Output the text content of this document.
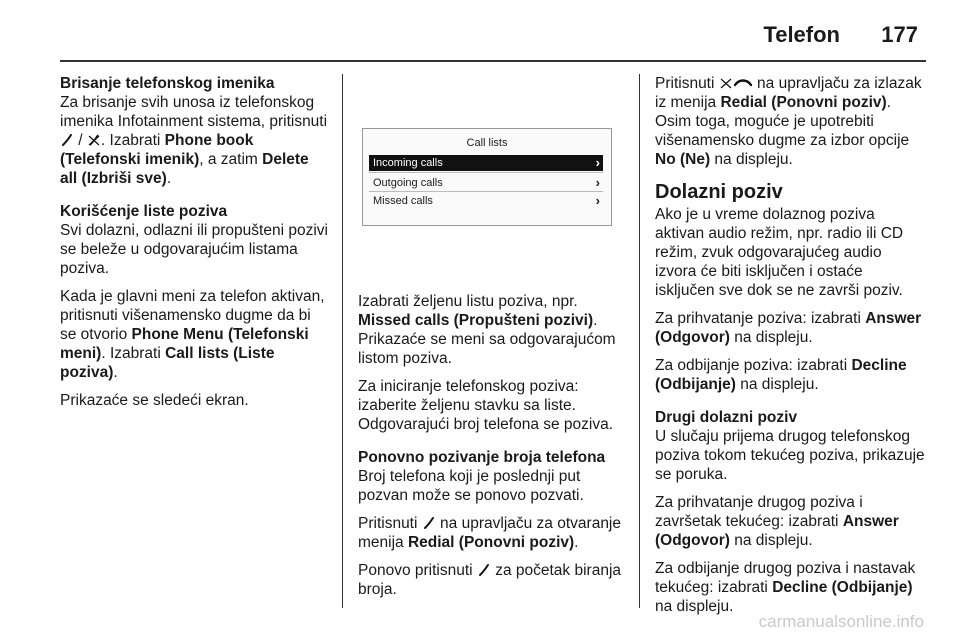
Telefon 177

Brisanje telefonskog imenika

Za brisanje svih unosa iz telefonskog imenika Infotainment sistema, pritisnuti
/
. Izabrati Phone book (Telefonski imenik), a zatim Delete all (Izbriši sve).

Korišćenje liste poziva

Svi dolazni, odlazni ili propušteni pozivi se beleže u odgovarajućim listama poziva.

Kada je glavni meni za telefon aktivan, pritisnuti višenamensko dugme da bi se otvorio Phone Menu (Telefonski meni). Izabrati Call lists (Liste poziva).

Prikazaće se sledeći ekran.

Call lists
Incoming calls	›
Outgoing calls	›
Missed calls	›

Izabrati željenu listu poziva, npr. Missed calls (Propušteni pozivi). Prikazaće se meni sa odgovarajućom listom poziva.

Za iniciranje telefonskog poziva: izaberite željenu stavku sa liste. Odgovarajući broj telefona se poziva.

Ponovno pozivanje broja telefona

Broj telefona koji je poslednji put pozvan može se ponovo pozvati.

Pritisnuti
na upravljaču za otvaranje menija Redial (Ponovni poziv).

Ponovo pritisnuti
za početak biranja broja.

Pritisnuti
na upravljaču za izlazak iz menija Redial (Ponovni poziv). Osim toga, moguće je upotrebiti višenamensko dugme za izbor opcije No (Ne) na displeju.

Dolazni poziv

Ako je u vreme dolaznog poziva aktivan audio režim, npr. radio ili CD režim, zvuk odgovarajućeg audio izvora će biti isključen i ostaće isključen sve dok se ne završi poziv.

Za prihvatanje poziva: izabrati Answer (Odgovor) na displeju.

Za odbijanje poziva: izabrati Decline (Odbijanje) na displeju.

Drugi dolazni poziv

U slučaju prijema drugog telefonskog poziva tokom tekućeg poziva, prikazuje se poruka.

Za prihvatanje drugog poziva i završetak tekućeg: izabrati Answer (Odgovor) na displeju.

Za odbijanje drugog poziva i nastavak tekućeg: izabrati Decline (Odbijanje) na displeju.

carmanualsonline.info
